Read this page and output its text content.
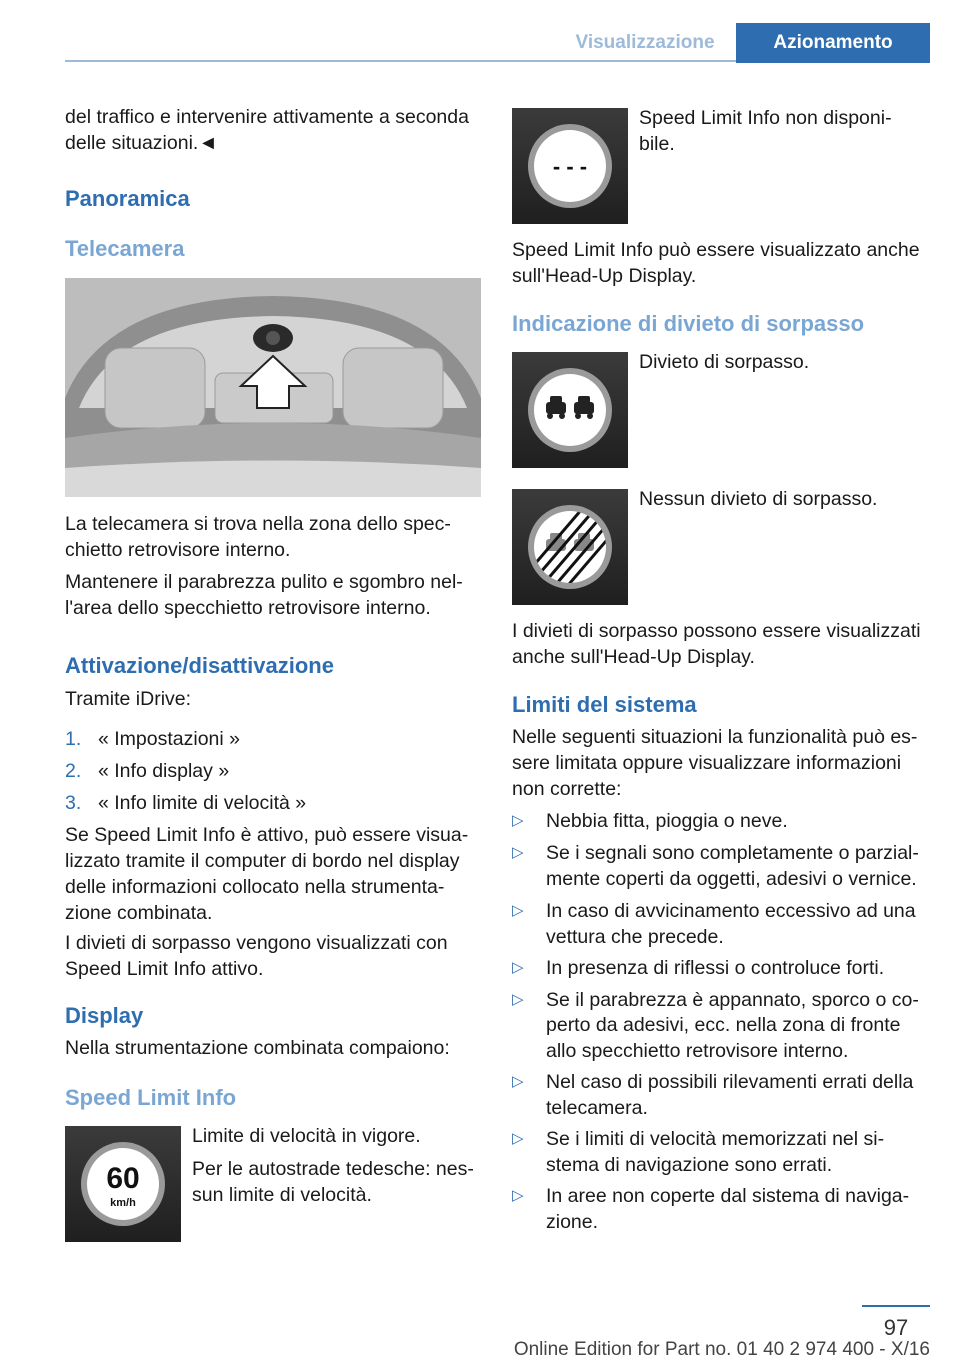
Visualizzazione	Azionamento
del traffico e intervenire attivamente a seconda
delle situazioni.◄
Panoramica
Telecamera
La telecamera si trova nella zona dello spec-
chietto retrovisore interno.
Mantenere il parabrezza pulito e sgombro nel-
l'area dello specchietto retrovisore interno.
Attivazione/disattivazione
Tramite iDrive:
1. « Impostazioni »
2. « Info display »
3. « Info limite di velocità »
Se Speed Limit Info è attivo, può essere visua-
lizzato tramite il computer di bordo nel display
delle informazioni collocato nella strumenta-
zione combinata.
I divieti di sorpasso vengono visualizzati con
Speed Limit Info attivo.
Display
Nella strumentazione combinata compaiono:
Speed Limit Info
60
km/h
Limite di velocità in vigore.
Per le autostrade tedesche: nes-
sun limite di velocità.
- - -
Speed Limit Info non disponi-
bile.
Speed Limit Info può essere visualizzato anche
sull'Head-Up Display.
Indicazione di divieto di sorpasso
Divieto di sorpasso.
Nessun divieto di sorpasso.
I divieti di sorpasso possono essere visualizzati
anche sull'Head-Up Display.
Limiti del sistema
Nelle seguenti situazioni la funzionalità può es-
sere limitata oppure visualizzare informazioni
non corrette:
▷ Nebbia fitta, pioggia o neve.
▷ Se i segnali sono completamente o parzial-
mente coperti da oggetti, adesivi o vernice.
▷ In caso di avvicinamento eccessivo ad una
vettura che precede.
▷ In presenza di riflessi o controluce forti.
▷ Se il parabrezza è appannato, sporco o co-
perto da adesivi, ecc. nella zona di fronte
allo specchietto retrovisore interno.
▷ Nel caso di possibili rilevamenti errati della
telecamera.
▷ Se i limiti di velocità memorizzati nel si-
stema di navigazione sono errati.
▷ In aree non coperte dal sistema di naviga-
zione.
97
Online Edition for Part no. 01 40 2 974 400 - X/16
